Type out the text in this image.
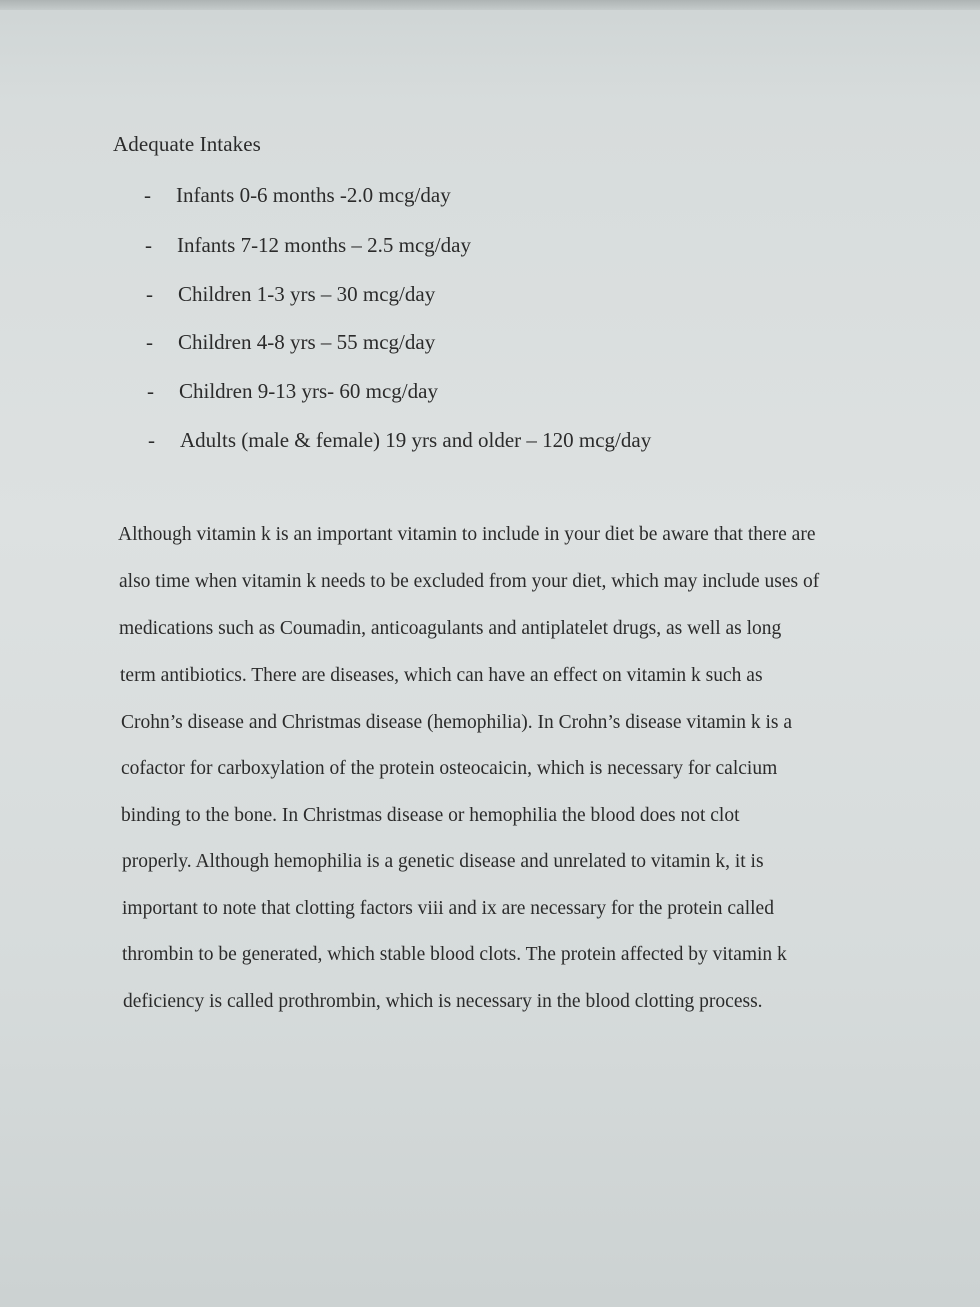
Adequate Intakes
- Infants 0-6 months -2.0 mcg/day
- Infants 7-12 months – 2.5 mcg/day
- Children 1-3 yrs – 30 mcg/day
- Children 4-8 yrs – 55 mcg/day
- Children 9-13 yrs- 60 mcg/day
- Adults (male & female) 19 yrs and older – 120 mcg/day
Although vitamin k is an important vitamin to include in your diet be aware that there are
also time when vitamin k needs to be excluded from your diet, which may include uses of
medications such as Coumadin, anticoagulants and antiplatelet drugs, as well as long
term antibiotics. There are diseases, which can have an effect on vitamin k such as
Crohn’s disease and Christmas disease (hemophilia). In Crohn’s disease vitamin k is a
cofactor for carboxylation of the protein osteocaicin, which is necessary for calcium
binding to the bone. In Christmas disease or hemophilia the blood does not clot
properly. Although hemophilia is a genetic disease and unrelated to vitamin k, it is
important to note that clotting factors viii and ix are necessary for the protein called
thrombin to be generated, which stable blood clots. The protein affected by vitamin k
deficiency is called prothrombin, which is necessary in the blood clotting process.
